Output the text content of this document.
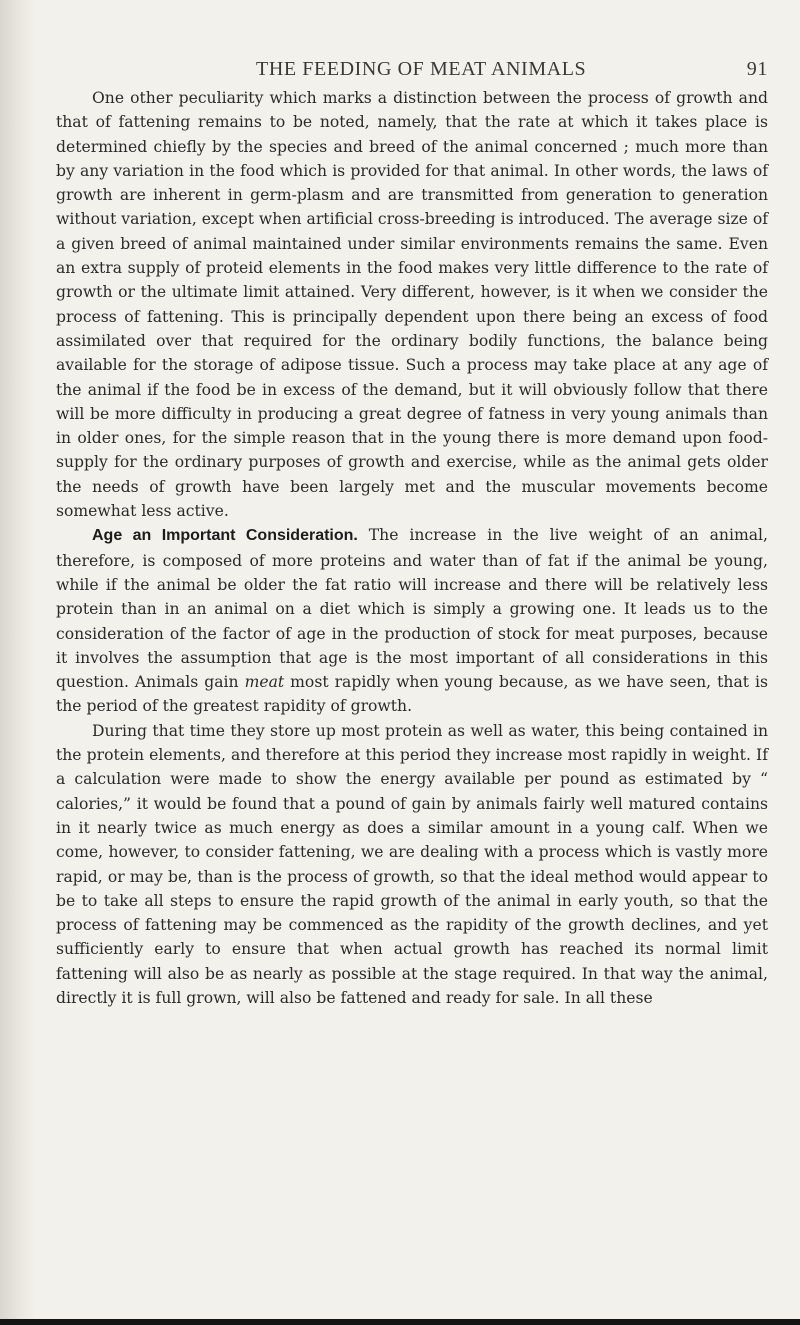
THE FEEDING OF MEAT ANIMALS	91

One other peculiarity which marks a distinction between the process of growth and that of fattening remains to be noted, namely, that the rate at which it takes place is determined chiefly by the species and breed of the animal concerned ; much more than by any variation in the food which is provided for that animal. In other words, the laws of growth are inherent in germ-plasm and are transmitted from generation to generation without variation, except when artificial cross-breeding is introduced. The average size of a given breed of animal maintained under similar environments remains the same. Even an extra supply of proteid elements in the food makes very little difference to the rate of growth or the ultimate limit attained. Very different, however, is it when we consider the process of fattening. This is principally dependent upon there being an excess of food assimilated over that required for the ordinary bodily functions, the balance being available for the storage of adipose tissue. Such a process may take place at any age of the animal if the food be in excess of the demand, but it will obviously follow that there will be more difficulty in producing a great degree of fatness in very young animals than in older ones, for the simple reason that in the young there is more demand upon food-supply for the ordinary purposes of growth and exercise, while as the animal gets older the needs of growth have been largely met and the muscular movements become somewhat less active.

Age an Important Consideration. The increase in the live weight of an animal, therefore, is composed of more proteins and water than of fat if the animal be young, while if the animal be older the fat ratio will increase and there will be relatively less protein than in an animal on a diet which is simply a growing one. It leads us to the consideration of the factor of age in the production of stock for meat purposes, because it involves the assumption that age is the most important of all considerations in this question. Animals gain meat most rapidly when young because, as we have seen, that is the period of the greatest rapidity of growth.

During that time they store up most protein as well as water, this being contained in the protein elements, and therefore at this period they increase most rapidly in weight. If a calculation were made to show the energy available per pound as estimated by “ calories,” it would be found that a pound of gain by animals fairly well matured contains in it nearly twice as much energy as does a similar amount in a young calf. When we come, however, to consider fattening, we are dealing with a process which is vastly more rapid, or may be, than is the process of growth, so that the ideal method would appear to be to take all steps to ensure the rapid growth of the animal in early youth, so that the process of fattening may be commenced as the rapidity of the growth declines, and yet sufficiently early to ensure that when actual growth has reached its normal limit fattening will also be as nearly as possible at the stage required. In that way the animal, directly it is full grown, will also be fattened and ready for sale. In all these
